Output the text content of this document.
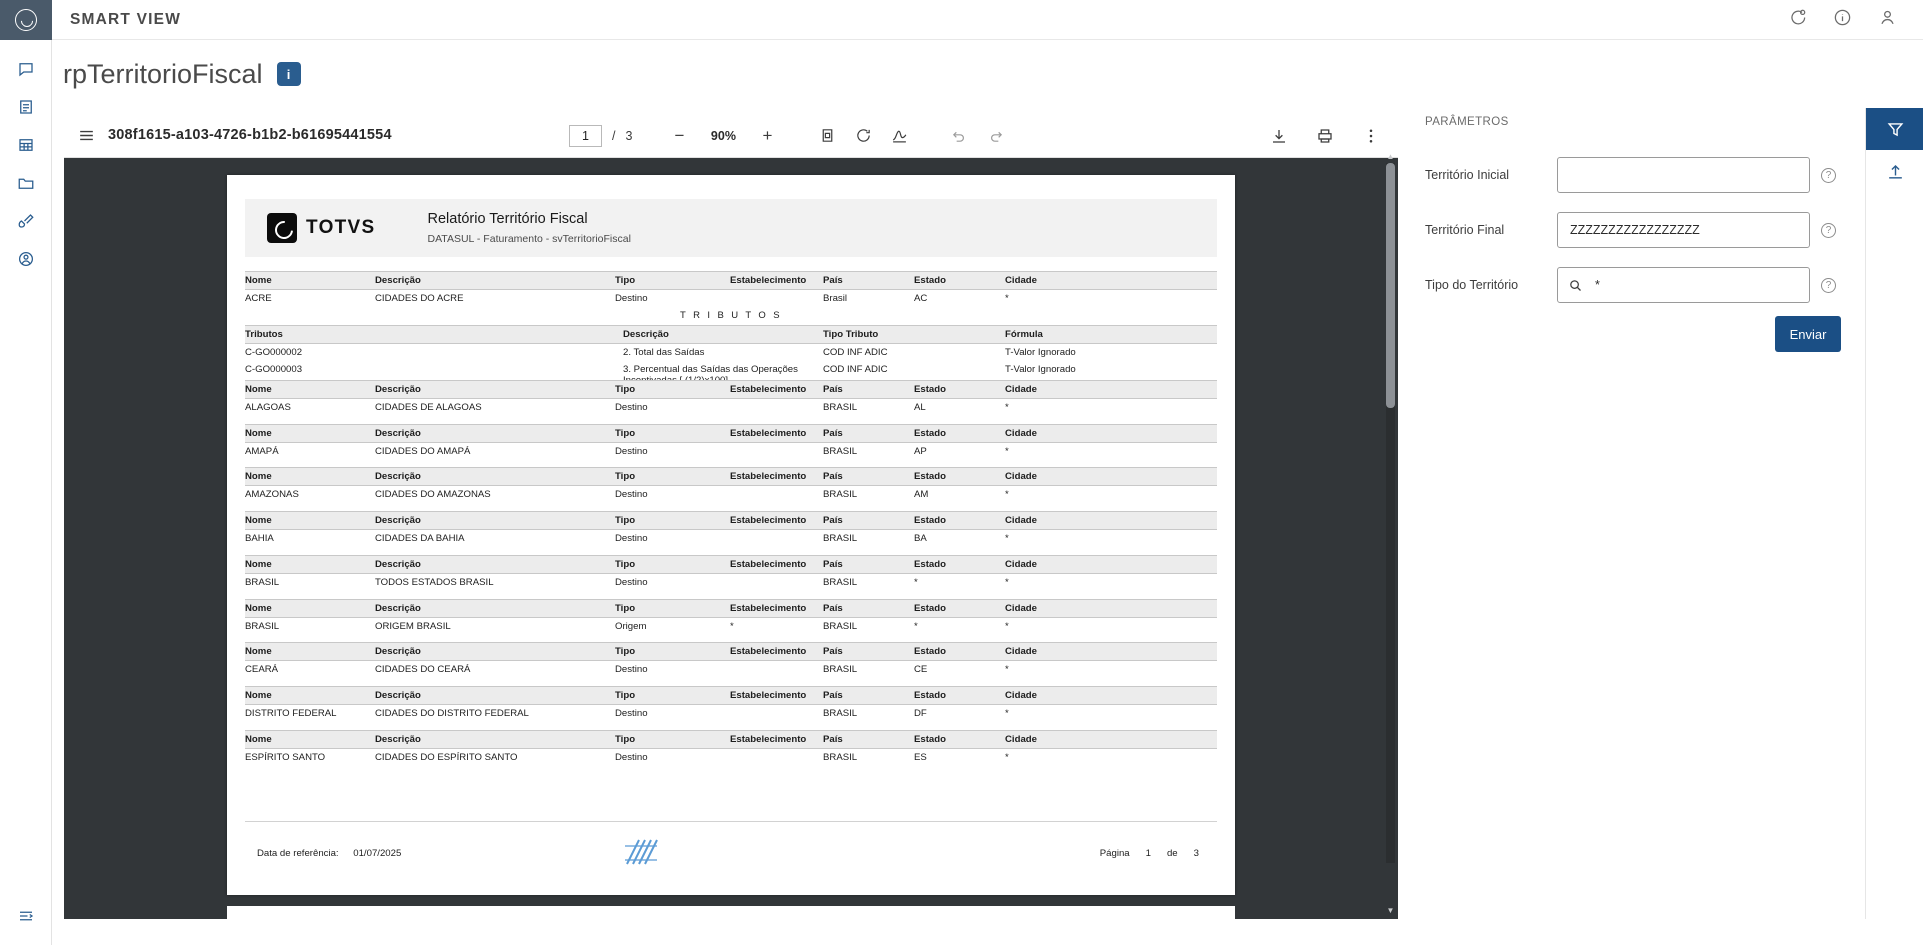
SMART VIEW
rpTerritorioFiscal	i
308f1615-a103-4726-b1b2-b61695441554
1	/ 3	−	90%	+
TOTVS	Relatório Território Fiscal
DATASUL - Faturamento - svTerritorioFiscal
Nome	Descrição	Tipo	Estabelecimento	País	Estado	Cidade
ACRE	CIDADES DO ACRE	Destino		Brasil	AC	*
T R I B U T O S						
Tributos		Descrição		Tipo Tributo		Fórmula
C-GO000002		2. Total das Saídas		COD INF ADIC		T-Valor Ignorado
C-GO000003		3. Percentual das Saídas das Operações Incentivadas [ (1/2)x100]		COD INF ADIC		T-Valor Ignorado
Nome	Descrição	Tipo	Estabelecimento	País	Estado	Cidade
ALAGOAS	CIDADES DE ALAGOAS	Destino		BRASIL	AL	*
Nome	Descrição	Tipo	Estabelecimento	País	Estado	Cidade
AMAPÁ	CIDADES DO AMAPÁ	Destino		BRASIL	AP	*
Nome	Descrição	Tipo	Estabelecimento	País	Estado	Cidade
AMAZONAS	CIDADES DO AMAZONAS	Destino		BRASIL	AM	*
Nome	Descrição	Tipo	Estabelecimento	País	Estado	Cidade
BAHIA	CIDADES DA BAHIA	Destino		BRASIL	BA	*
Nome	Descrição	Tipo	Estabelecimento	País	Estado	Cidade
BRASIL	TODOS ESTADOS BRASIL	Destino		BRASIL	*	*
Nome	Descrição	Tipo	Estabelecimento	País	Estado	Cidade
BRASIL	ORIGEM BRASIL	Origem	*	BRASIL	*	*
Nome	Descrição	Tipo	Estabelecimento	País	Estado	Cidade
CEARÁ	CIDADES DO CEARÁ	Destino		BRASIL	CE	*
Nome	Descrição	Tipo	Estabelecimento	País	Estado	Cidade
DISTRITO FEDERAL	CIDADES DO DISTRITO FEDERAL	Destino		BRASIL	DF	*
Nome	Descrição	Tipo	Estabelecimento	País	Estado	Cidade
ESPÍRITO SANTO	CIDADES DO ESPÍRITO SANTO	Destino		BRASIL	ES	*
Data de referência: 01/07/2025	Página 1 de 3
▲
▼
PARÂMETROS
Território Inicial	?
Território Final
ZZZZZZZZZZZZZZZZZ	?
Tipo do Território
*	?
Enviar
